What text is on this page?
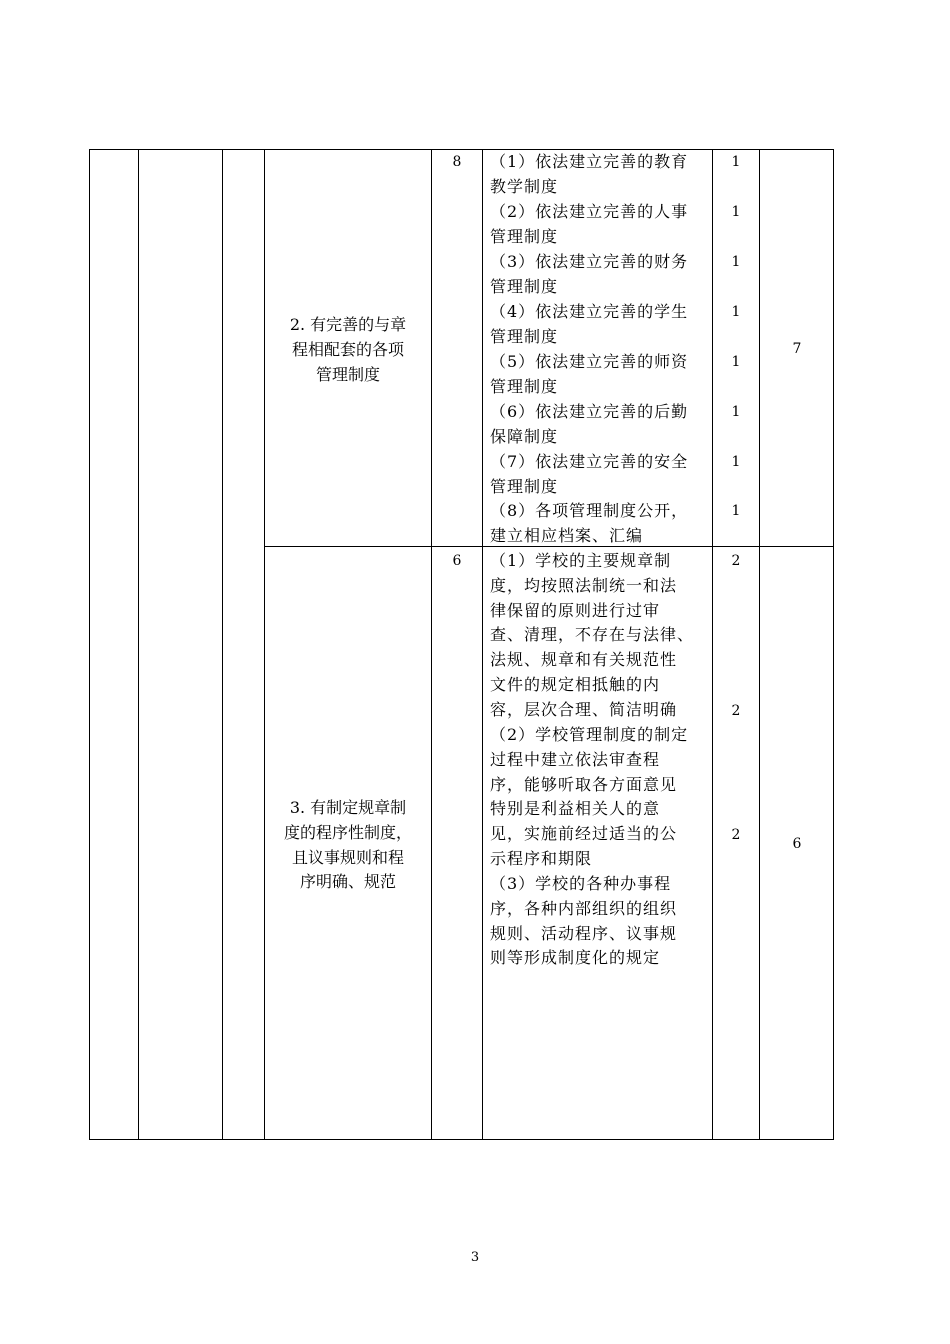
2. 有完善的与章
程相配套的各项
管理制度
8	（1）依法建立完善的教育
教学制度
（2）依法建立完善的人事
管理制度
（3）依法建立完善的财务
管理制度
（4）依法建立完善的学生
管理制度
（5）依法建立完善的师资
管理制度
（6）依法建立完善的后勤
保障制度
（7）依法建立完善的安全
管理制度
（8）各项管理制度公开，
建立相应档案、汇编
1
1
1
1
1
1
1
1
7
3. 有制定规章制
度的程序性制度，
且议事规则和程
序明确、规范
6	（1）学校的主要规章制
度，均按照法制统一和法
律保留的原则进行过审
查、清理，不存在与法律、
法规、规章和有关规范性
文件的规定相抵触的内
容，层次合理、简洁明确
（2）学校管理制度的制定
过程中建立依法审查程
序，能够听取各方面意见
特别是利益相关人的意
见，实施前经过适当的公
示程序和期限
（3）学校的各种办事程
序，各种内部组织的组织
规则、活动程序、议事规
则等形成制度化的规定
2
2
2
6
3
